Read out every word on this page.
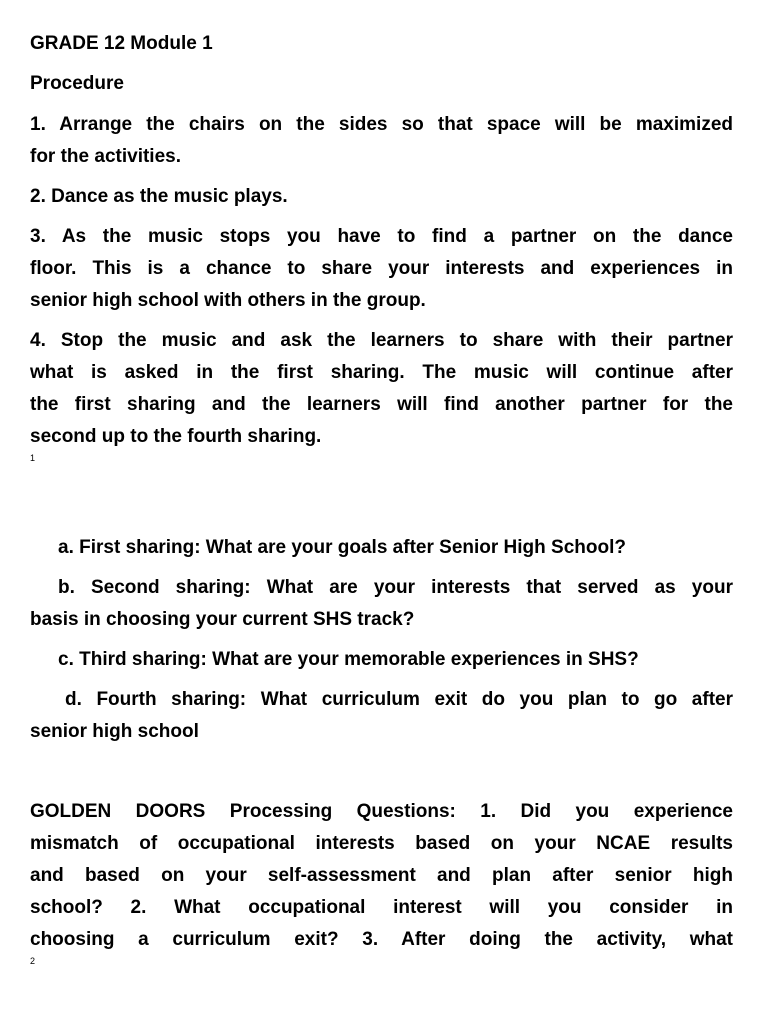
GRADE 12 Module 1
Procedure
1. Arrange the chairs on the sides so that space will be maximized
for the activities.
2. Dance as the music plays.
3. As the music stops you have to find a partner on the dance
floor. This is a chance to share your interests and experiences in
senior high school with others in the group.
4. Stop the music and ask the learners to share with their partner
what is asked in the first sharing. The music will continue after
the first sharing and the learners will find another partner for the
second up to the fourth sharing.
1
a. First sharing: What are your goals after Senior High School?
b. Second sharing: What are your interests that served as your
basis in choosing your current SHS track?
c. Third sharing: What are your memorable experiences in SHS?
d. Fourth sharing: What curriculum exit do you plan to go after
senior high school
GOLDEN DOORS Processing Questions: 1. Did you experience
mismatch of occupational interests based on your NCAE results
and based on your self-assessment and plan after senior high
school? 2. What occupational interest will you consider in
choosing a curriculum exit? 3. After doing the activity, what
2
